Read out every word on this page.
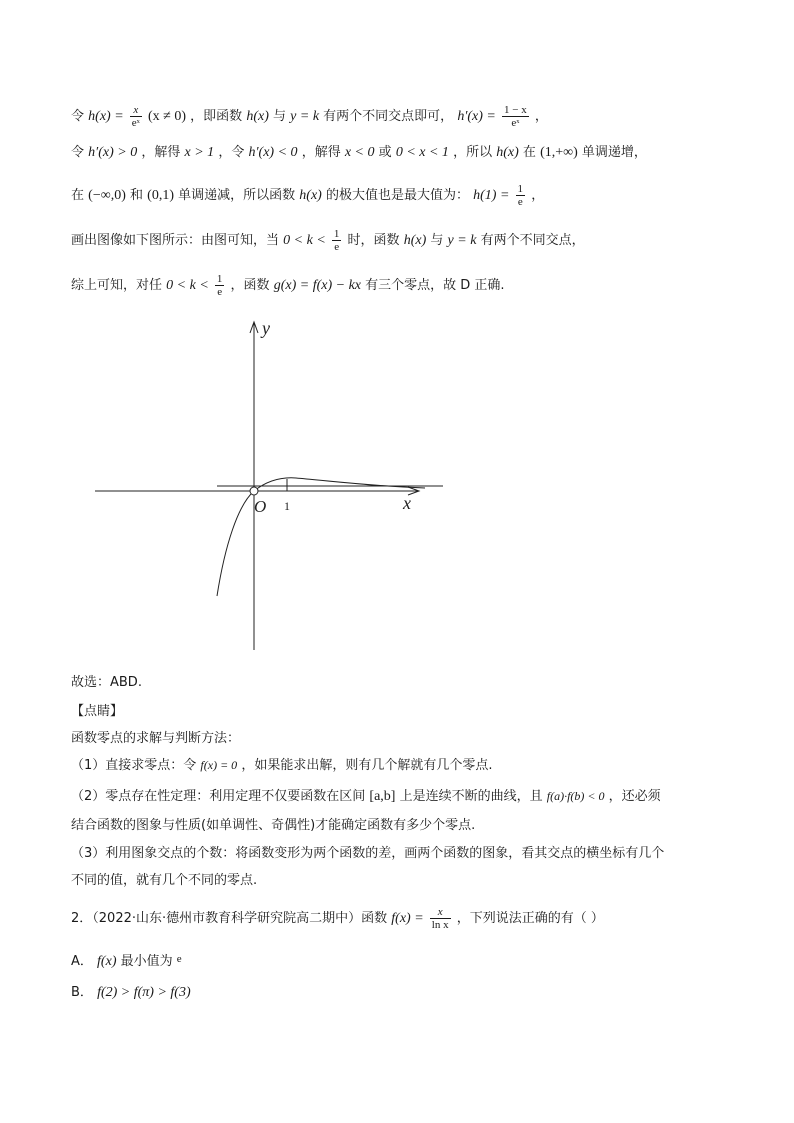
令 $h(x) = \frac{x}{\text{eˣ}} (x \ne 0)$ ，即函数 h(x) 与 y = k 有两个不同交点即可， $h'(x) = \frac{1 - x}{\text{eˣ}}$ ，
令 h′(x) > 0 ，解得 x > 1 ，令 h′(x) < 0 ，解得 x < 0 或 0 < x < 1 ，所以 h(x) 在 (1,+∞) 单调递增，
在 (−∞,0) 和 (0,1) 单调递减，所以函数 h(x) 的极大值也是最大值为： $h(1) = \frac{1}{e}$ ，
画出图像如下图所示：由图可知，当 $0 < k < \frac{1}{e}$ 时，函数 h(x) 与 y = k 有两个不同交点，
综上可知，对任 $0 < k < \frac{1}{e}$ ，函数 g(x) = f(x) − kx 有三个零点，故 D 正确.
y
x
O 1
故选：ABD.
【点睛】
函数零点的求解与判断方法：
（1）直接求零点：令 f(x) = 0 ，如果能求出解，则有几个解就有几个零点.
（2）零点存在性定理：利用定理不仅要函数在区间 [a,b] 上是连续不断的曲线，且 f(a)·f(b) < 0 ，还必须
结合函数的图象与性质(如单调性、奇偶性)才能确定函数有多少个零点.
（3）利用图象交点的个数：将函数变形为两个函数的差，画两个函数的图象，看其交点的横坐标有几个
不同的值，就有几个不同的零点.
2．（2022·山东·德州市教育科学研究院高二期中）函数 $f(x) = \frac{x}{\text{ln x}}$ ，下列说法正确的有（ ）
A． f(x) 最小值为 $^e$
B． f(2) > f(π) > f(3)
